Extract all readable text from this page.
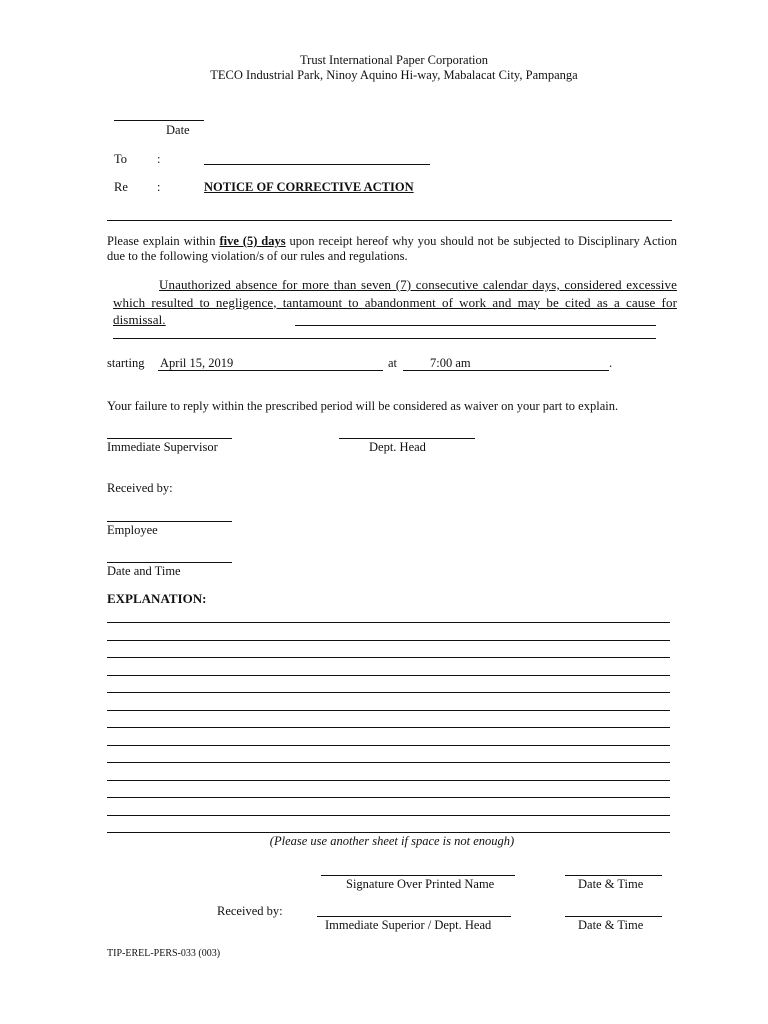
Trust International Paper Corporation
TECO Industrial Park, Ninoy Aquino Hi-way, Mabalacat City, Pampanga
Date
To :
Re :	NOTICE OF CORRECTIVE ACTION
Please explain within five (5) days upon receipt hereof why you should not be subjected to Disciplinary Action due to the following violation/s of our rules and regulations.
Unauthorized absence for more than seven (7) consecutive calendar days, considered excessive which resulted to negligence, tantamount to abandonment of work and may be cited as a cause for dismissal.
starting April 15, 2019	at	7:00 am	.
Your failure to reply within the prescribed period will be considered as waiver on your part to explain.
Immediate Supervisor	Dept. Head
Received by:
Employee
Date and Time
EXPLANATION:
(Please use another sheet if space is not enough)
Signature Over Printed Name	Date & Time
Received by:
Immediate Superior / Dept. Head	Date & Time
TIP-EREL-PERS-033 (003)
